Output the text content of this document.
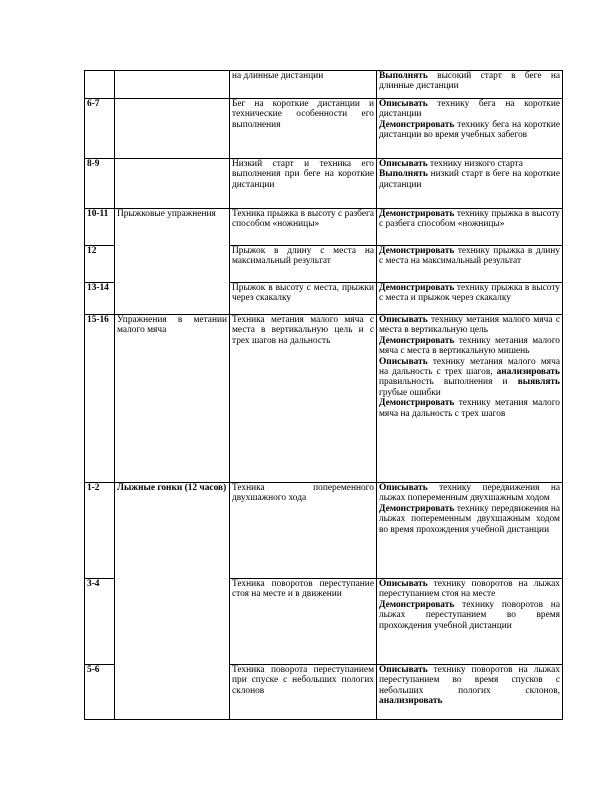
		на длинные дистанции	Выполнять высокий старт в беге на длинные дистанции
6-7		Бег на короткие дистанции и технические особенности его выполнения	Описывать технику бега на короткие дистанции
Демонстрировать технику бега на короткие дистанции во время учебных забегов

8-9		Низкий старт и техника его выполнения при беге на короткие дистанции	Описывать технику низкого старта
Выполнять низкий старт в беге на короткие дистанции

10-11	Прыжковые упражнения	Техника прыжка в высоту с разбега способом «ножницы»	Демонстрировать технику прыжка в высоту с разбега способом «ножницы»
12		Прыжок в длину с места на максимальный результат	Демонстрировать технику прыжка в длину с места на максимальный результат
13-14		Прыжок в высоту с места, прыжки через скакалку	Демонстрировать технику прыжка в высоту с места и прыжок через скакалку
15-16	Упражнения в метании малого мяча	Техника метания малого мяча с места в вертикальную цель и с трех шагов на дальность	Описывать технику метания малого мяча с места в вертикальную цель
Демонстрировать технику метания малого мяча с места в вертикальную мишень
Описывать технику метания малого мяча на дальность с трех шагов, анализировать правильность выполнения и выявлять грубые ошибки
Демонстрировать технику метания малого мяча на дальность с трех шагов

1-2	Лыжные гонки (12 часов)	Техника попеременного двухшажного хода	Описывать технику передвижения на лыжах попеременным двухшажным ходом
Демонстрировать технику передвижения на лыжах попеременным двухшажным ходом во время прохождения учебной дистанции

3-4		Техника поворотов переступание стоя на месте и в движении	Описывать технику поворотов на лыжах переступанием стоя на месте
Демонстрировать технику поворотов на лыжах переступанием во время прохождения учебной дистанции

5-6		Техника поворота переступанием при спуске с небольших пологих склонов	Описывать технику поворотов на лыжах переступанием во время спусков с небольших пологих склонов, анализировать
